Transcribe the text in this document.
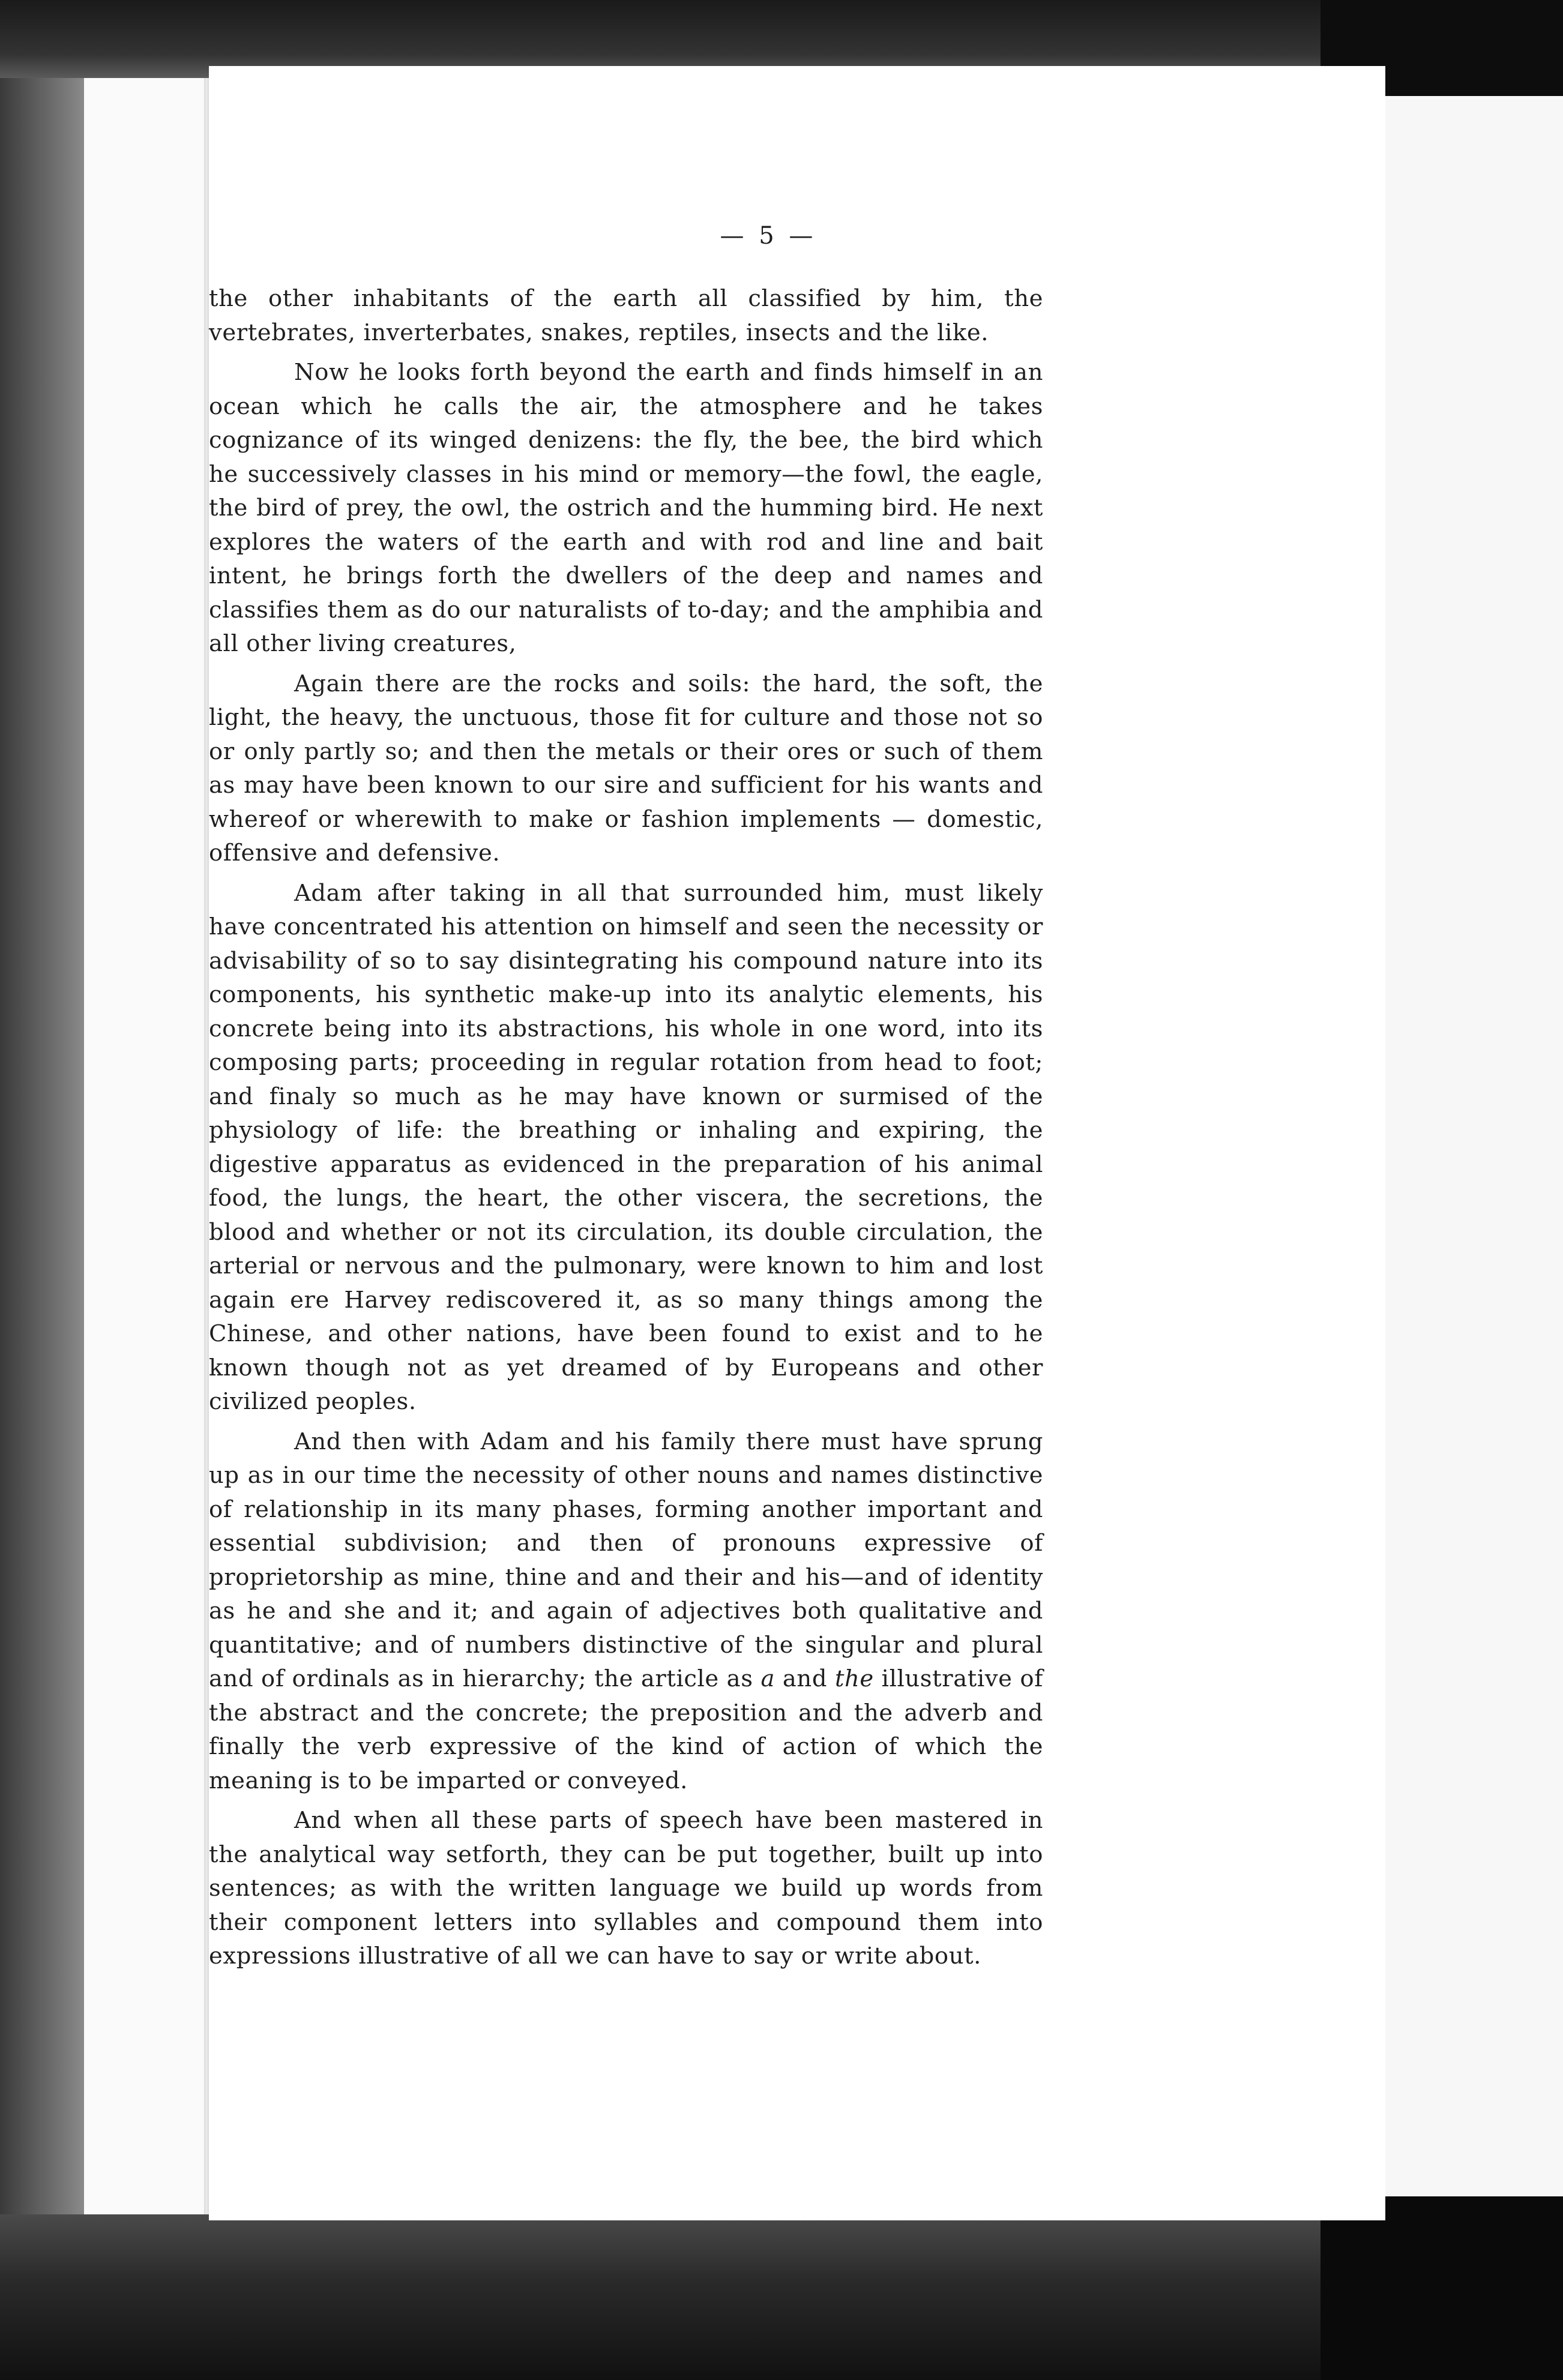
— 5 —

the other inhabitants of the earth all classified by him, the vertebrates, inverterbates, snakes, reptiles, insects and the like.

Now he looks forth beyond the earth and finds himself in an ocean which he calls the air, the atmosphere and he takes cognizance of its winged denizens: the fly, the bee, the bird which he successively classes in his mind or memory—the fowl, the eagle, the bird of prey, the owl, the ostrich and the humming bird. He next explores the waters of the earth and with rod and line and bait intent, he brings forth the dwellers of the deep and names and classifies them as do our naturalists of to-day; and the amphibia and all other living creatures,

Again there are the rocks and soils: the hard, the soft, the light, the heavy, the unctuous, those fit for culture and those not so or only partly so; and then the metals or their ores or such of them as may have been known to our sire and sufficient for his wants and whereof or wherewith to make or fashion implements — domestic, offensive and defensive.

Adam after taking in all that surrounded him, must likely have concentrated his attention on himself and seen the necessity or advisability of so to say disintegrating his compound nature into its components, his synthetic make-up into its analytic elements, his concrete being into its abstractions, his whole in one word, into its composing parts; proceeding in regular rotation from head to foot; and finaly so much as he may have known or surmised of the physiology of life: the breathing or inhaling and expiring, the digestive apparatus as evidenced in the preparation of his animal food, the lungs, the heart, the other viscera, the secretions, the blood and whether or not its circulation, its double circulation, the arterial or nervous and the pulmonary, were known to him and lost again ere Harvey rediscovered it, as so many things among the Chinese, and other nations, have been found to exist and to he known though not as yet dreamed of by Europeans and other civilized peoples.

And then with Adam and his family there must have sprung up as in our time the necessity of other nouns and names distinctive of relationship in its many phases, forming another important and essential subdivision; and then of pronouns expressive of proprietorship as mine, thine and and their and his—and of identity as he and she and it; and again of adjectives both qualitative and quantitative; and of numbers distinctive of the singular and plural and of ordinals as in hierarchy; the article as a and the illustrative of the abstract and the concrete; the preposition and the adverb and finally the verb expressive of the kind of action of which the meaning is to be imparted or conveyed.

And when all these parts of speech have been mastered in the analytical way setforth, they can be put together, built up into sentences; as with the written language we build up words from their component letters into syllables and compound them into expressions illustrative of all we can have to say or write about.
